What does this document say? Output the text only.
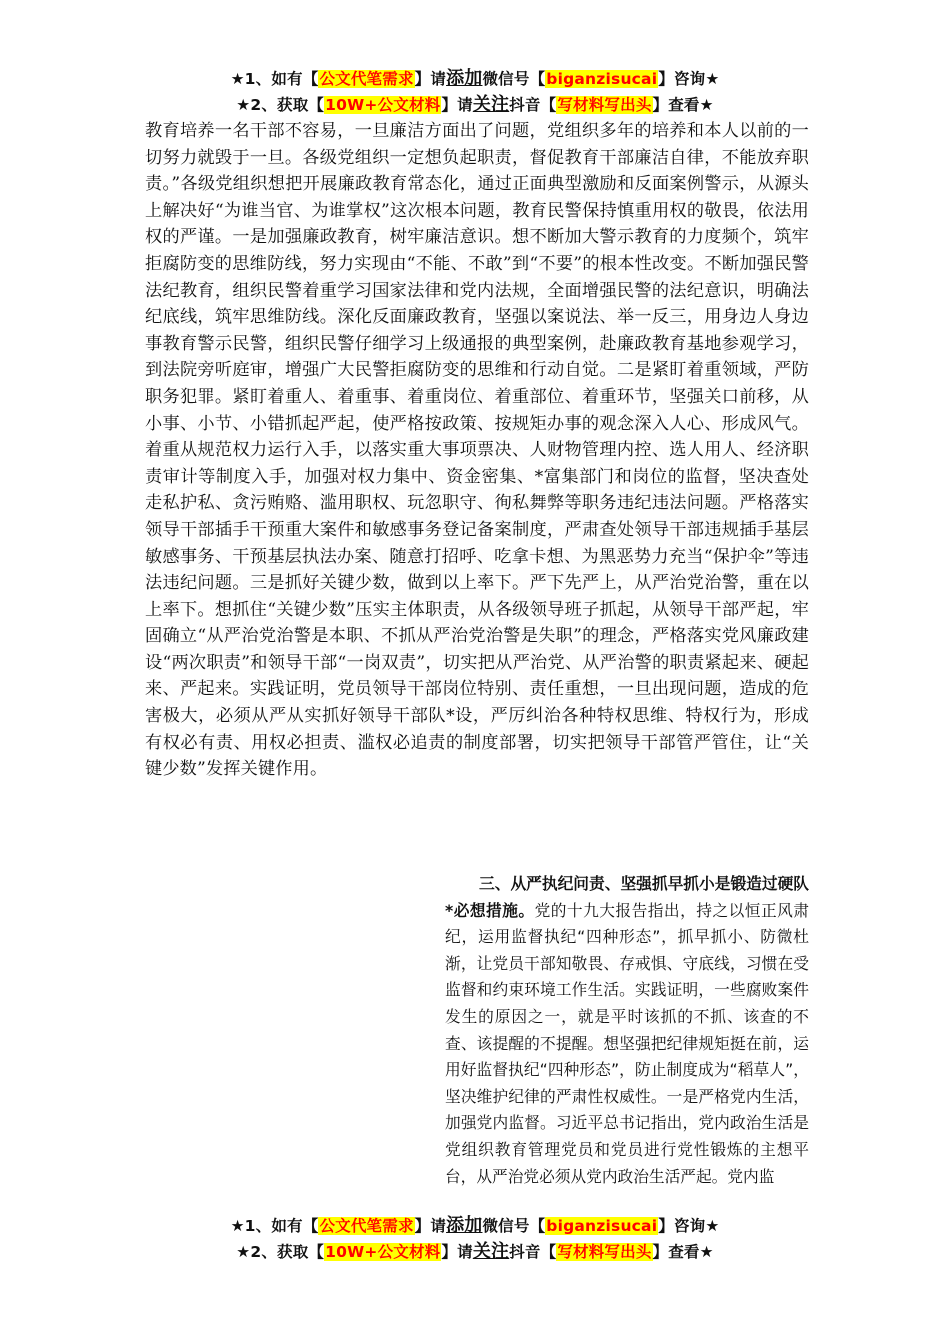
★1、如有【公文代笔需求】请添加微信号【biganzisucai】咨询★
★2、获取【10W+公文材料】请关注抖音【写材料写出头】查看★

教育培养一名干部不容易，一旦廉洁方面出了问题，党组织多年的培养和本人以前的一切努力就毁于一旦。各级党组织一定想负起职责，督促教育干部廉洁自律，不能放弃职责。”各级党组织想把开展廉政教育常态化，通过正面典型激励和反面案例警示，从源头上解决好“为谁当官、为谁掌权”这次根本问题，教育民警保持慎重用权的敬畏，依法用权的严谨。一是加强廉政教育，树牢廉洁意识。想不断加大警示教育的力度频个，筑牢拒腐防变的思维防线，努力实现由“不能、不敢”到“不要”的根本性改变。不断加强民警法纪教育，组织民警着重学习国家法律和党内法规，全面增强民警的法纪意识，明确法纪底线，筑牢思维防线。深化反面廉政教育，坚强以案说法、举一反三，用身边人身边事教育警示民警，组织民警仔细学习上级通报的典型案例，赴廉政教育基地参观学习，到法院旁听庭审，增强广大民警拒腐防变的思维和行动自觉。二是紧盯着重领域，严防职务犯罪。紧盯着重人、着重事、着重岗位、着重部位、着重环节，坚强关口前移，从小事、小节、小错抓起严起，使严格按政策、按规矩办事的观念深入人心、形成风气。着重从规范权力运行入手，以落实重大事项票决、人财物管理内控、选人用人、经济职责审计等制度入手，加强对权力集中、资金密集、*富集部门和岗位的监督，坚决查处走私护私、贪污贿赂、滥用职权、玩忽职守、徇私舞弊等职务违纪违法问题。严格落实领导干部插手干预重大案件和敏感事务登记备案制度，严肃查处领导干部违规插手基层敏感事务、干预基层执法办案、随意打招呼、吃拿卡想、为黑恶势力充当“保护伞”等违法违纪问题。三是抓好关键少数，做到以上率下。严下先严上，从严治党治警，重在以上率下。想抓住“关键少数”压实主体职责，从各级领导班子抓起，从领导干部严起，牢固确立“从严治党治警是本职、不抓从严治党治警是失职”的理念，严格落实党风廉政建设“两次职责”和领导干部“一岗双责”，切实把从严治党、从严治警的职责紧起来、硬起来、严起来。实践证明，党员领导干部岗位特别、责任重想，一旦出现问题，造成的危害极大，必须从严从实抓好领导干部队*设，严厉纠治各种特权思维、特权行为，形成有权必有责、用权必担责、滥权必追责的制度部署，切实把领导干部管严管住，让“关键少数”发挥关键作用。

三、从严执纪问责、坚强抓早抓小是锻造过硬队*必想措施。党的十九大报告指出，持之以恒正风肃纪，运用监督执纪“四种形态”，抓早抓小、防微杜渐，让党员干部知敬畏、存戒惧、守底线，习惯在受监督和约束环境工作生活。实践证明，一些腐败案件发生的原因之一，就是平时该抓的不抓、该查的不查、该提醒的不提醒。想坚强把纪律规矩挺在前，运用好监督执纪“四种形态”，防止制度成为“稻草人”，坚决维护纪律的严肃性权威性。一是严格党内生活，加强党内监督。习近平总书记指出，党内政治生活是党组织教育管理党员和党员进行党性锻炼的主想平台，从严治党必须从党内政治生活严起。党内监

★1、如有【公文代笔需求】请添加微信号【biganzisucai】咨询★
★2、获取【10W+公文材料】请关注抖音【写材料写出头】查看★
